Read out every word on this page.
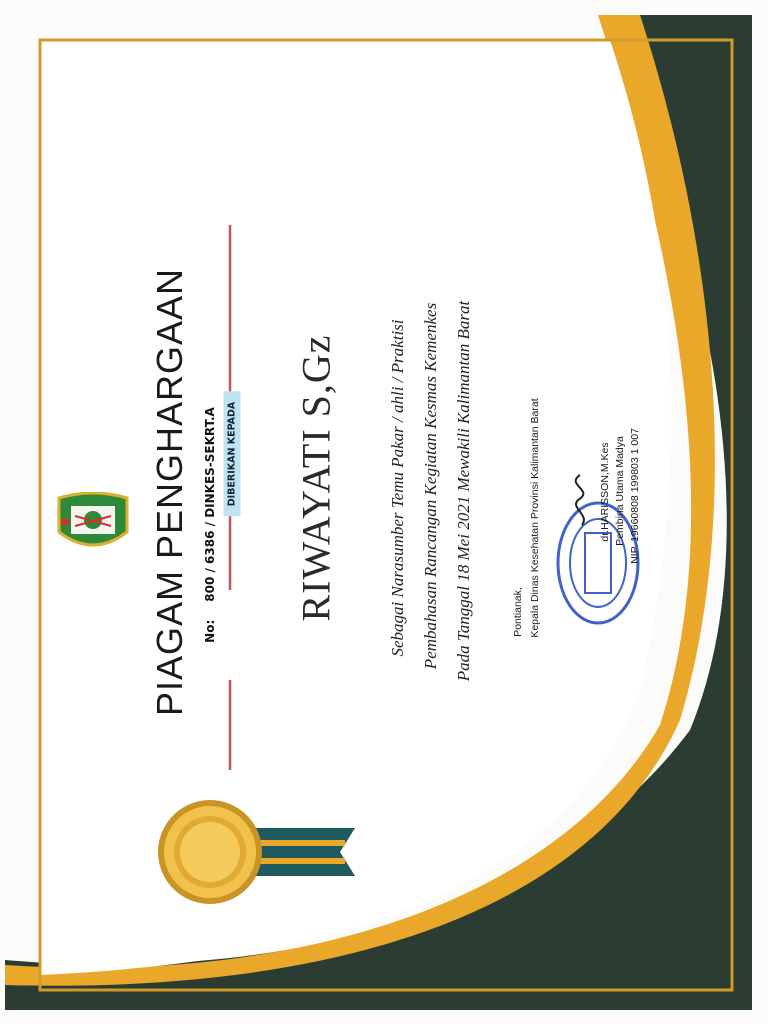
PIAGAM PENGHARGAAN No:800 / 6386 / DINKES-SEKRT.A	DIBERIKAN KEPADA RIWAYATI S,Gz	Sebagai Narasumber Temu Pakar / ahli / Praktisi Pembahasan Rancangan Kegiatan Kesmas Kemenkes Pada Tanggal 18 Mei 2021 Mewakili Kalimantan Barat	Pontianak, Kepala Dinas Kesehatan Provinsi Kalimantan Barat	dr.HARISSON,M.Kes Pembina Utama Madya NIP. 19660808 199803 1 007
